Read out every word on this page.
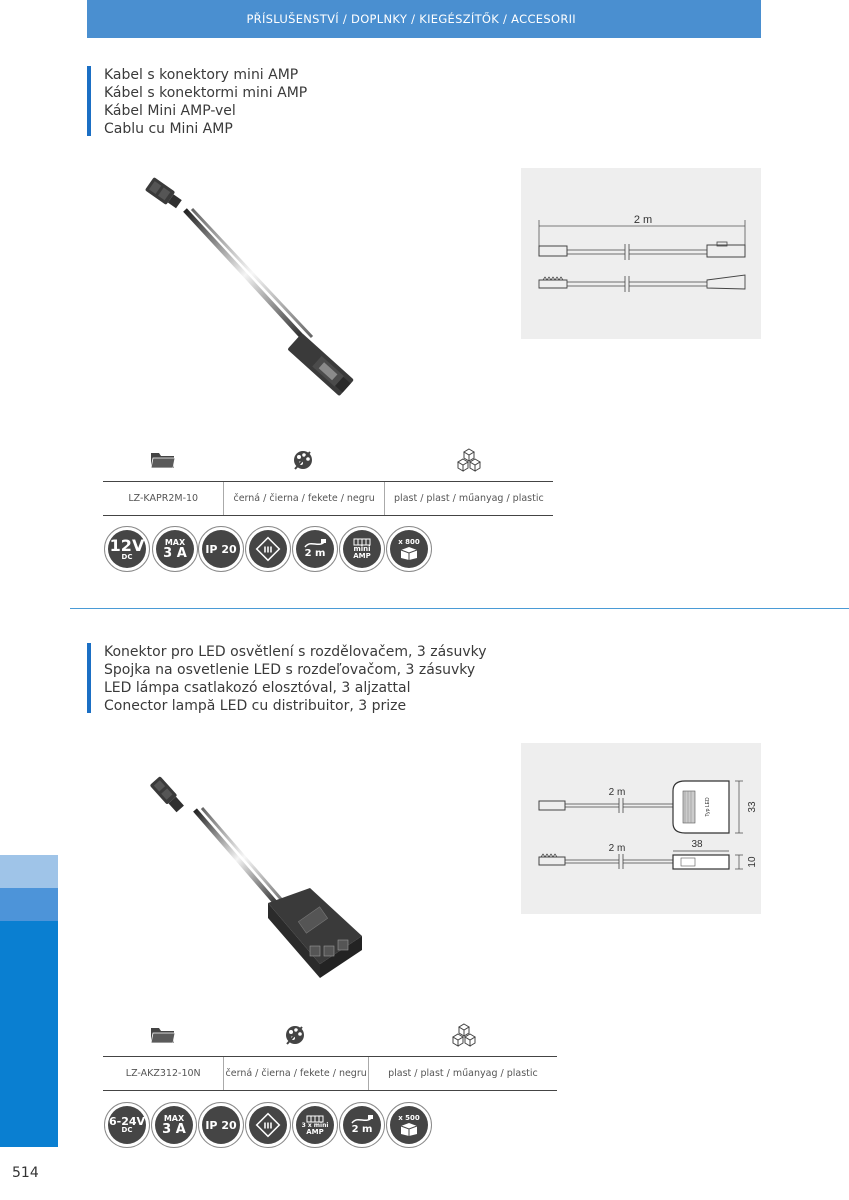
PŘÍSLUŠENSTVÍ / DOPLNKY / KIEGÉSZÍTŐK / ACCESORII
Kabel s konektory mini AMP
Kábel s konektormi mini AMP
Kábel Mini AMP-vel
Cablu cu Mini AMP
2 m
LZ-KAPR2M-10	černá / čierna / fekete / negru	plast / plast / műanyag / plastic
12V
DC
MAX
3 A IP 20	III	2 m	mini
AMP
x 800
Konektor pro LED osvětlení s rozdělovačem, 3 zásuvky
Spojka na osvetlenie LED s rozdeľovačom, 3 zásuvky
LED lámpa csatlakozó elosztóval, 3 aljzattal
Conector lampă LED cu distribuitor, 3 prize
2 m
Typ LED	33
2 m	38
10
LZ-AKZ312-10N	černá / čierna / fekete / negru	plast / plast / műanyag / plastic
6-24V
DC
MAX
3 A IP 20	III	3 x mini
AMP	2 m
x 500
514
